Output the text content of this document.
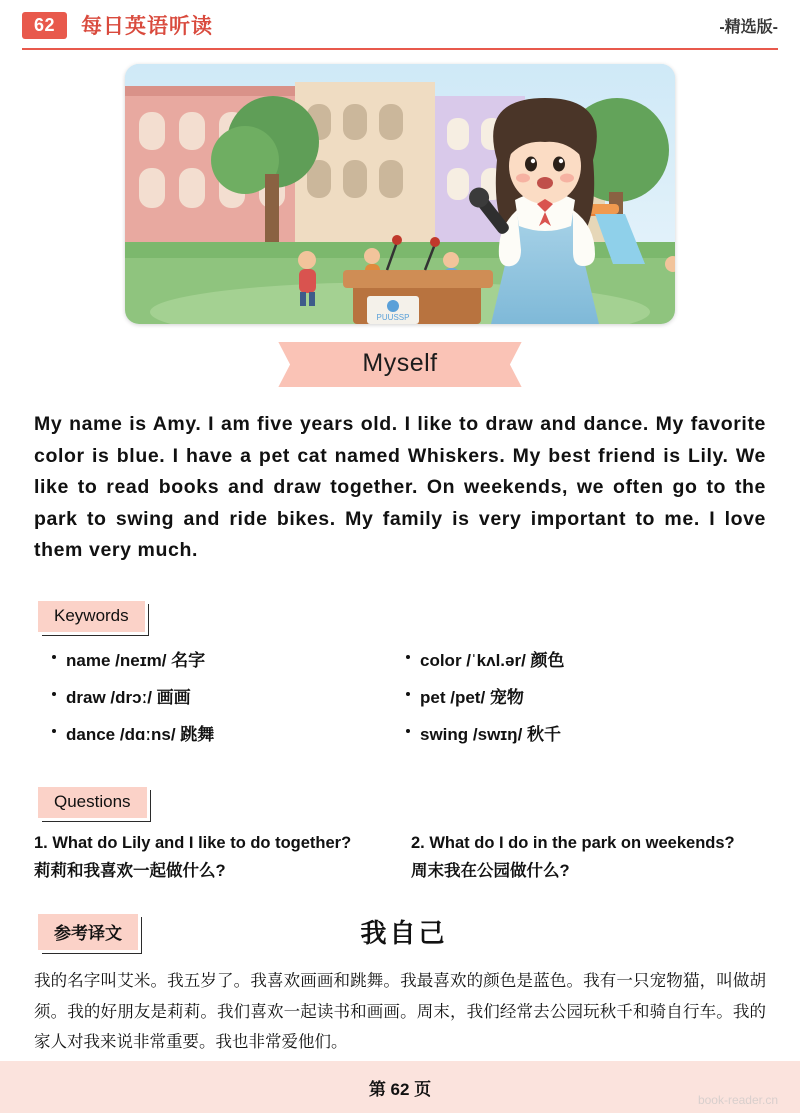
62	每日英语听读	-精选版-
PUUSSP
Myself
My name is Amy. I am five years old. I like to draw and dance. My favorite color is blue. I have a pet cat named Whiskers. My best friend is Lily. We like to read books and draw together. On weekends, we often go to the park to swing and ride bikes. My family is very important to me. I love them very much.
Keywords
name /neɪm/ 名字
draw /drɔː/ 画画
dance /dɑːns/ 跳舞
color /ˈkʌl.ər/ 颜色
pet /pet/ 宠物
swing /swɪŋ/ 秋千
Questions
1. What do Lily and I like to do together?
莉莉和我喜欢一起做什么?
2. What do I do in the park on weekends?
周末我在公园做什么?
参考译文	我自己
我的名字叫艾米。我五岁了。我喜欢画画和跳舞。我最喜欢的颜色是蓝色。我有一只宠物猫，叫做胡须。我的好朋友是莉莉。我们喜欢一起读书和画画。周末，我们经常去公园玩秋千和骑自行车。我的家人对我来说非常重要。我也非常爱他们。
第 62 页
book-reader.cn
